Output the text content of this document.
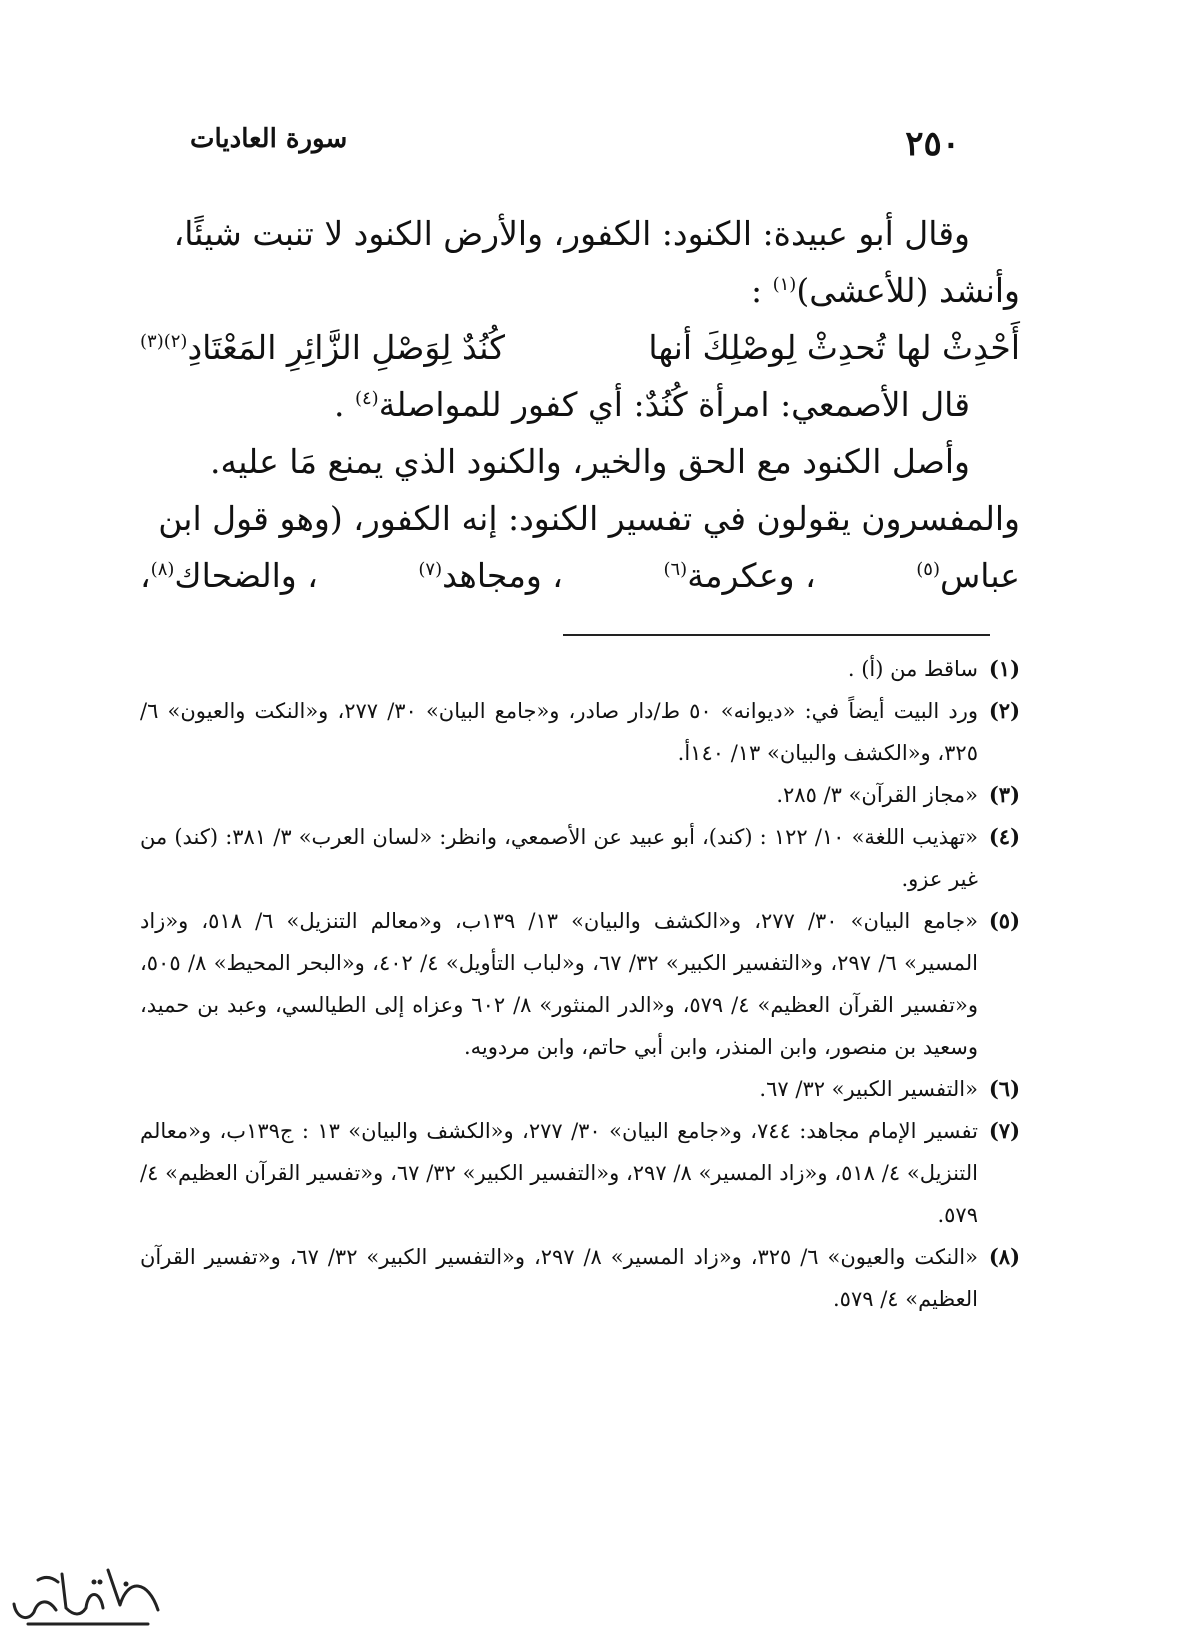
٢٥٠
سورة العاديات

وقال أبو عبيدة: الكنود: الكفور، والأرض الكنود لا تنبت شيئًا،

وأنشد (للأعشى)$^{(١)}$ :

أَحْدِثْ لها تُحدِثْ لِوصْلِكَ أنها
كُنُدٌ لِوَصْلِ الزَّائِرِ المَعْتَادِ$^{(٢)(٣)}$

قال الأصمعي: امرأة كُنُدٌ: أي كفور للمواصلة$^{(٤)}$ .

وأصل الكنود مع الحق والخير، والكنود الذي يمنع مَا عليه.

والمفسرون يقولون في تفسير الكنود: إنه الكفور، (وهو قول ابن

عباس$^{(٥)}$
، وعكرمة$^{(٦)}$
، ومجاهد$^{(٧)}$
، والضحاك$^{(٨)}$،

(١)
ساقط من (أ) .

(٢)
ورد البيت أيضاً في: «ديوانه» ٥٠ ط/دار صادر، و«جامع البيان» ٣٠/ ٢٧٧، و«النكت والعيون» ٦/ ٣٢٥، و«الكشف والبيان» ١٣/ ١٤٠أ.

(٣)
«مجاز القرآن» ٣/ ٢٨٥.

(٤)
«تهذيب اللغة» ١٠/ ١٢٢ : (كند)، أبو عبيد عن الأصمعي، وانظر: «لسان العرب» ٣/ ٣٨١: (كند) من غير عزو.

(٥)
«جامع البيان» ٣٠/ ٢٧٧، و«الكشف والبيان» ١٣/ ١٣٩ب، و«معالم التنزيل» ٦/ ٥١٨، و«زاد المسير» ٦/ ٢٩٧، و«التفسير الكبير» ٣٢/ ٦٧، و«لباب التأويل» ٤/ ٤٠٢، و«البحر المحيط» ٨/ ٥٠٥، و«تفسير القرآن العظيم» ٤/ ٥٧٩، و«الدر المنثور» ٨/ ٦٠٢ وعزاه إلى الطيالسي، وعبد بن حميد، وسعيد بن منصور، وابن المنذر، وابن أبي حاتم، وابن مردويه.

(٦)
«التفسير الكبير» ٣٢/ ٦٧.

(٧)
تفسير الإمام مجاهد: ٧٤٤، و«جامع البيان» ٣٠/ ٢٧٧، و«الكشف والبيان» ١٣ : ج١٣٩ب، و«معالم التنزيل» ٤/ ٥١٨، و«زاد المسير» ٨/ ٢٩٧، و«التفسير الكبير» ٣٢/ ٦٧، و«تفسير القرآن العظيم» ٤/ ٥٧٩.

(٨)
«النكت والعيون» ٦/ ٣٢٥، و«زاد المسير» ٨/ ٢٩٧، و«التفسير الكبير» ٣٢/ ٦٧، و«تفسير القرآن العظيم» ٤/ ٥٧٩.
